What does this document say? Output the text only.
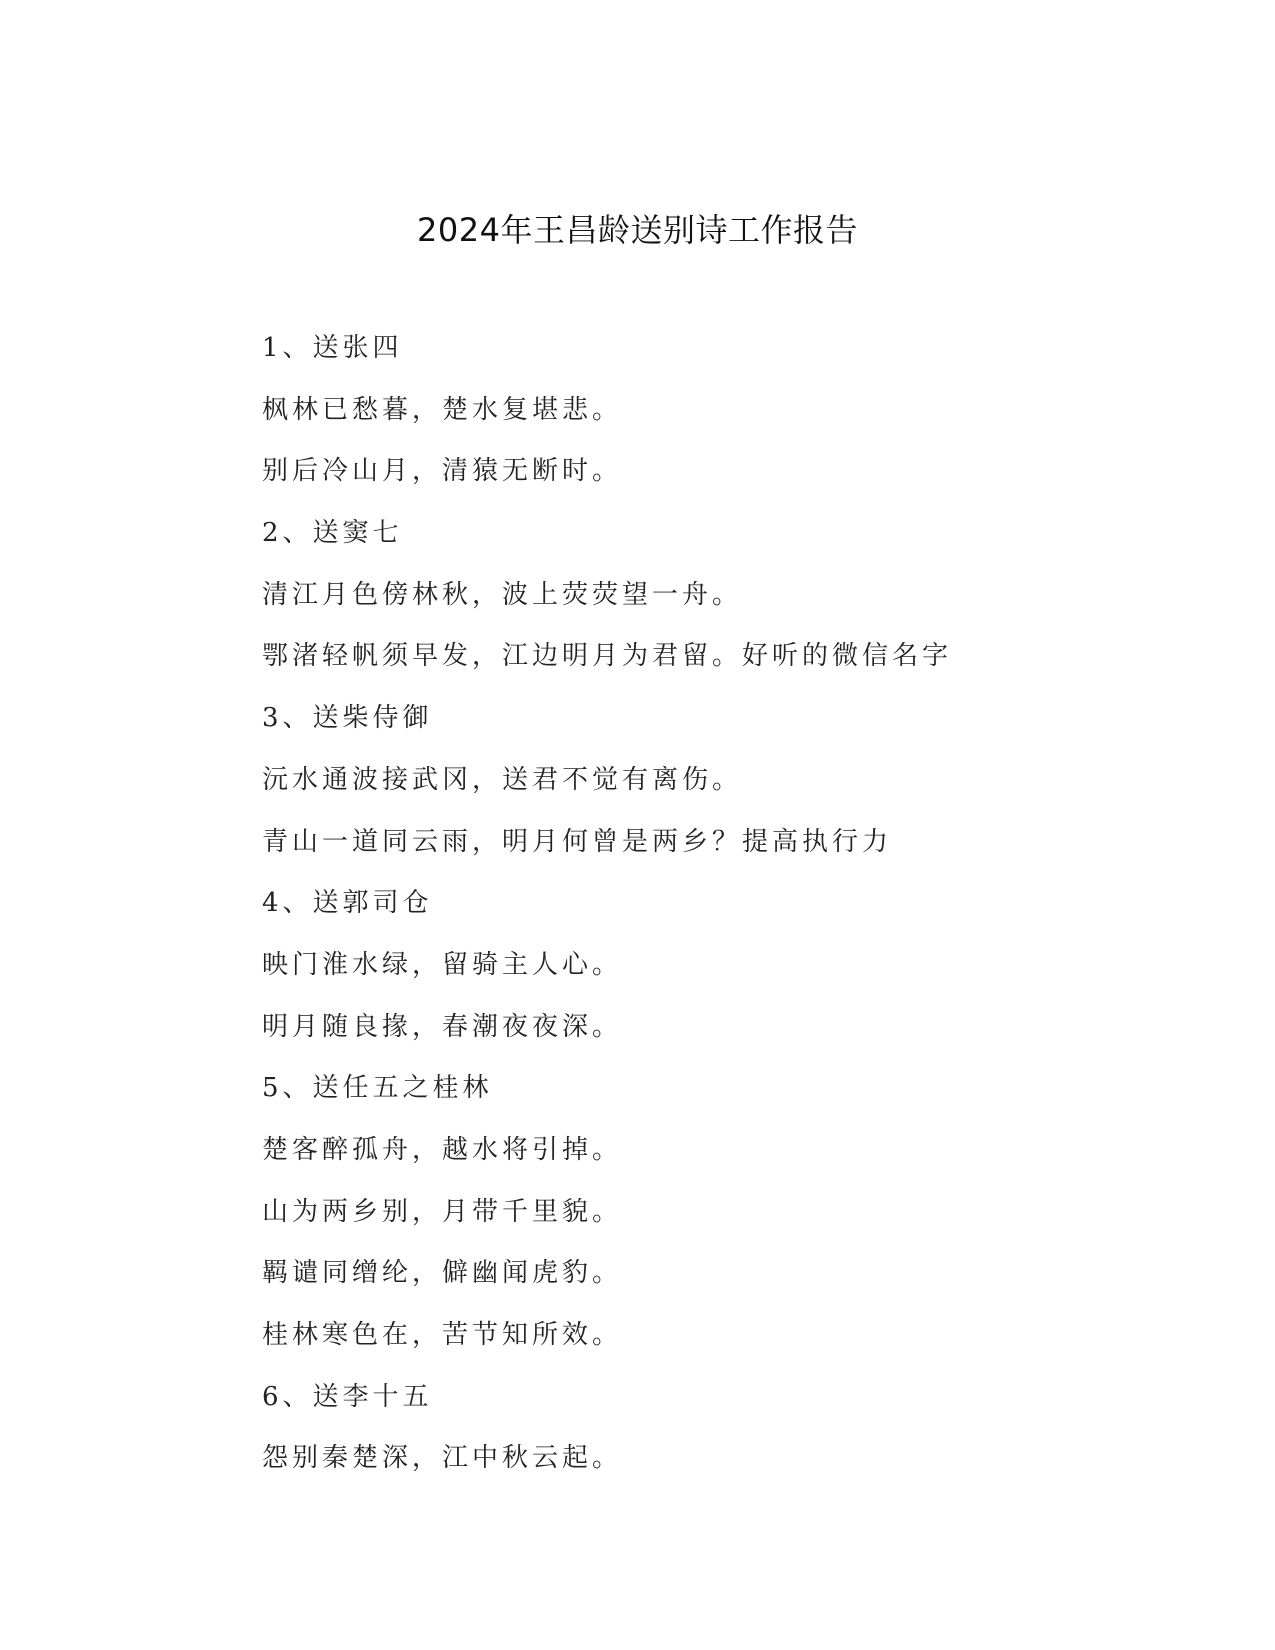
2024年王昌龄送别诗工作报告
1、送张四
枫林已愁暮，楚水复堪悲。
别后冷山月，清猿无断时。
2、送窦七
清江月色傍林秋，波上荧荧望一舟。
鄂渚轻帆须早发，江边明月为君留。好听的微信名字
3、送柴侍御
沅水通波接武冈，送君不觉有离伤。
青山一道同云雨，明月何曾是两乡？提高执行力
4、送郭司仓
映门淮水绿，留骑主人心。
明月随良掾，春潮夜夜深。
5、送任五之桂林
楚客醉孤舟，越水将引掉。
山为两乡别，月带千里貌。
羁谴同缯纶，僻幽闻虎豹。
桂林寒色在，苦节知所效。
6、送李十五
怨别秦楚深，江中秋云起。
